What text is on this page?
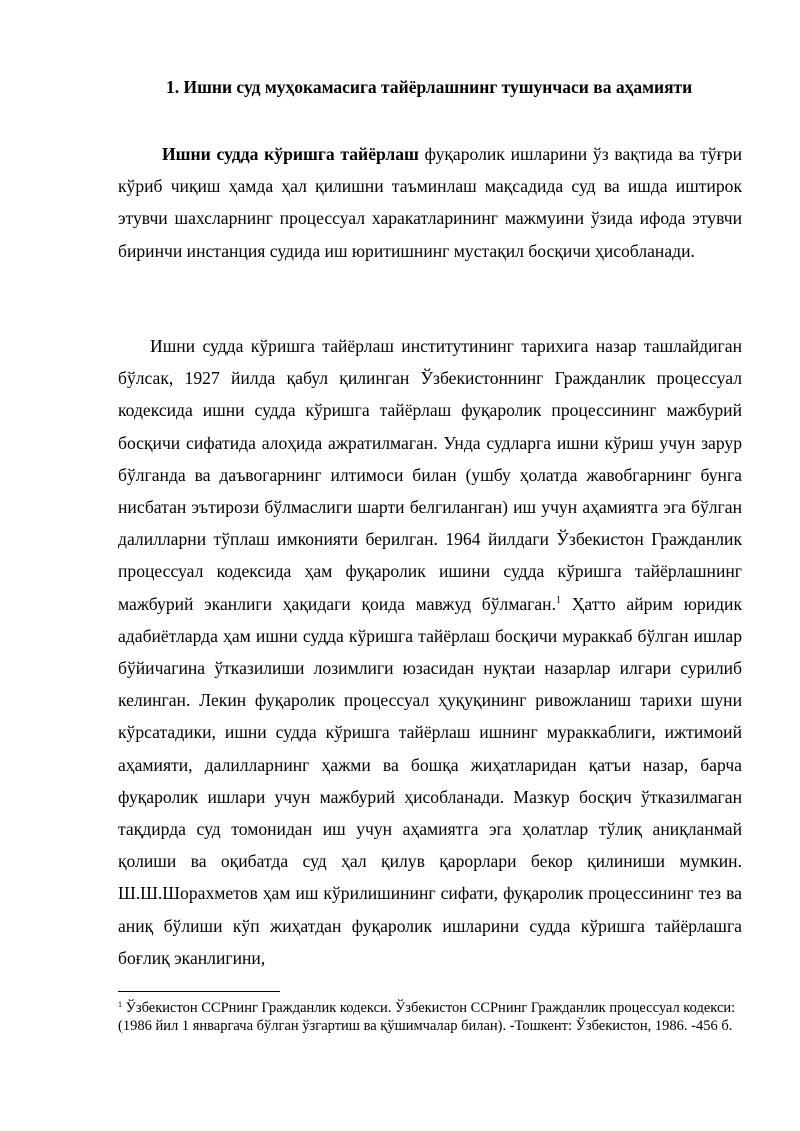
1. Ишни суд муҳокамасига тайёрлашнинг тушунчаси ва аҳамияти

Ишни судда кўришга тайёрлаш фуқаролик ишларини ўз вақтида ва тўғри кўриб чиқиш ҳамда ҳал қилишни таъминлаш мақсадида суд ва ишда иштирок этувчи шахсларнинг процессуал харакатларининг мажмуини ўзида ифода этувчи биринчи инстанция судида иш юритишнинг мустақил босқичи ҳисобланади.

Ишни судда кўришга тайёрлаш институтининг тарихига назар ташлайдиган бўлсак, 1927 йилда қабул қилинган Ўзбекистоннинг Гражданлик процессуал кодексида ишни судда кўришга тайёрлаш фуқаролик процессининг мажбурий босқичи сифатида алоҳида ажратилмаган. Унда судларга ишни кўриш учун зарур бўлганда ва даъвогарнинг илтимоси билан (ушбу ҳолатда жавобгарнинг бунга нисбатан эътирози бўлмаслиги шарти белгиланган) иш учун аҳамиятга эга бўлган далилларни тўплаш имконияти берилган. 1964 йилдаги Ўзбекистон Гражданлик процессуал кодексида ҳам фуқаролик ишини судда кўришга тайёрлашнинг мажбурий эканлиги ҳақидаги қоида мавжуд бўлмаган.$^1$ Ҳатто айрим юридик адабиётларда ҳам ишни судда кўришга тайёрлаш босқичи мураккаб бўлган ишлар бўйичагина ўтказилиши лозимлиги юзасидан нуқтаи назарлар илгари сурилиб келинган. Лекин фуқаролик процессуал ҳуқуқининг ривожланиш тарихи шуни кўрсатадики, ишни судда кўришга тайёрлаш ишнинг мураккаблиги, ижтимоий аҳамияти, далилларнинг ҳажми ва бошқа жиҳатларидан қатъи назар, барча фуқаролик ишлари учун мажбурий ҳисобланади. Мазкур босқич ўтказилмаган тақдирда суд томонидан иш учун аҳамиятга эга ҳолатлар тўлиқ аниқланмай қолиши ва оқибатда суд ҳал қилув қарорлари бекор қилиниши мумкин. Ш.Ш.Шорахметов ҳам иш кўрилишининг сифати, фуқаролик процессининг тез ва аниқ бўлиши кўп жиҳатдан фуқаролик ишларини судда кўришга тайёрлашга боғлиқ эканлигини,

$^1$ Ўзбекистон ССРнинг Гражданлик кодекси. Ўзбекистон ССРнинг Гражданлик процессуал кодекси: (1986 йил 1 январгача бўлган ўзгартиш ва қўшимчалар билан). -Тошкент: Ўзбекистон, 1986. -456 б.
